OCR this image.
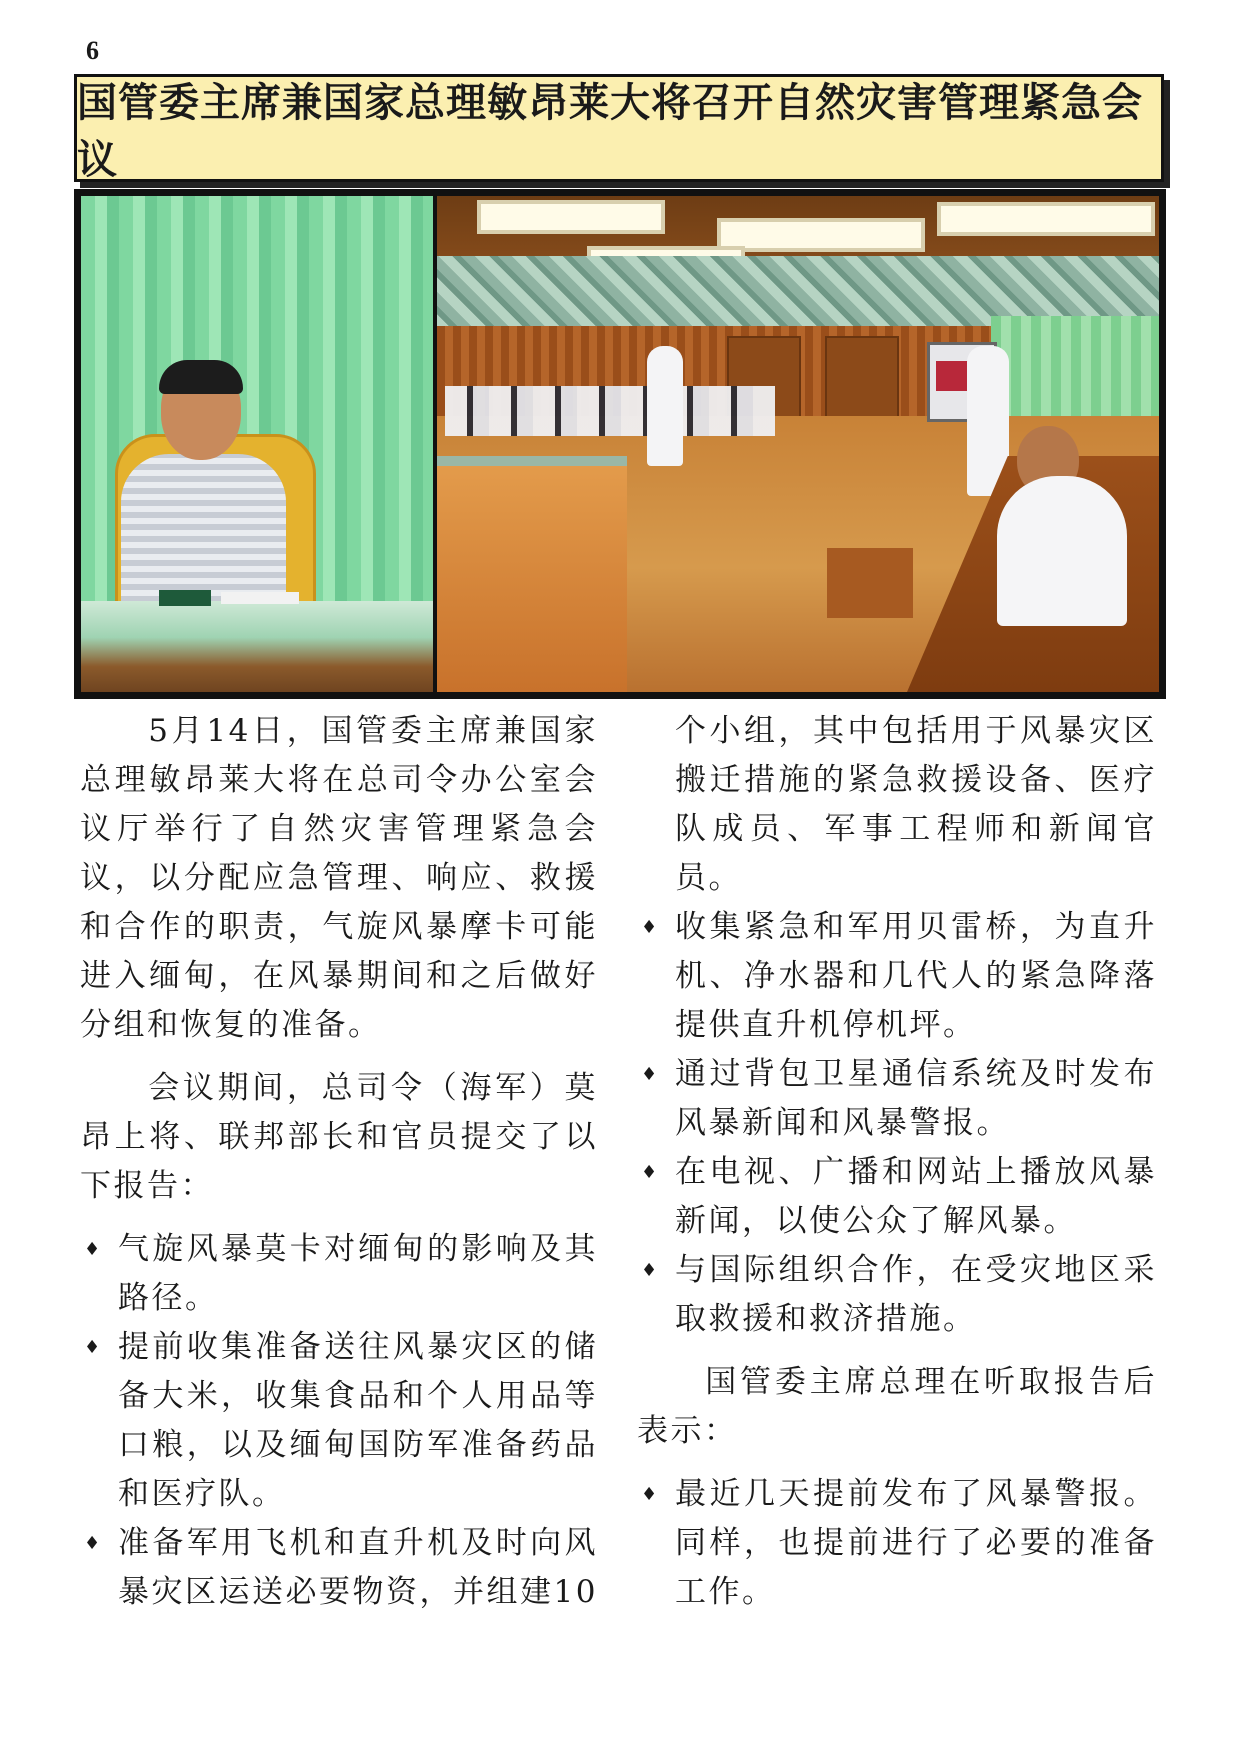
6
国管委主席兼国家总理敏昂莱大将召开自然灾害管理紧急会议

5月14日，国管委主席兼国家总理敏昂莱大将在总司令办公室会议厅举行了自然灾害管理紧急会议，以分配应急管理、响应、救援和合作的职责，气旋风暴摩卡可能进入缅甸，在风暴期间和之后做好分组和恢复的准备。

会议期间，总司令（海军）莫昂上将、联邦部长和官员提交了以下报告：

♦ 气旋风暴莫卡对缅甸的影响及其路径。

♦ 提前收集准备送往风暴灾区的储备大米，收集食品和个人用品等口粮，以及缅甸国防军准备药品和医疗队。

♦ 准备军用飞机和直升机及时向风暴灾区运送必要物资，并组建10

个小组，其中包括用于风暴灾区搬迁措施的紧急救援设备、医疗队成员、军事工程师和新闻官员。

♦ 收集紧急和军用贝雷桥，为直升机、净水器和几代人的紧急降落提供直升机停机坪。

♦ 通过背包卫星通信系统及时发布风暴新闻和风暴警报。

♦ 在电视、广播和网站上播放风暴新闻，以使公众了解风暴。

♦ 与国际组织合作，在受灾地区采取救援和救济措施。

国管委主席总理在听取报告后表示：

♦ 最近几天提前发布了风暴警报。同样，也提前进行了必要的准备工作。
